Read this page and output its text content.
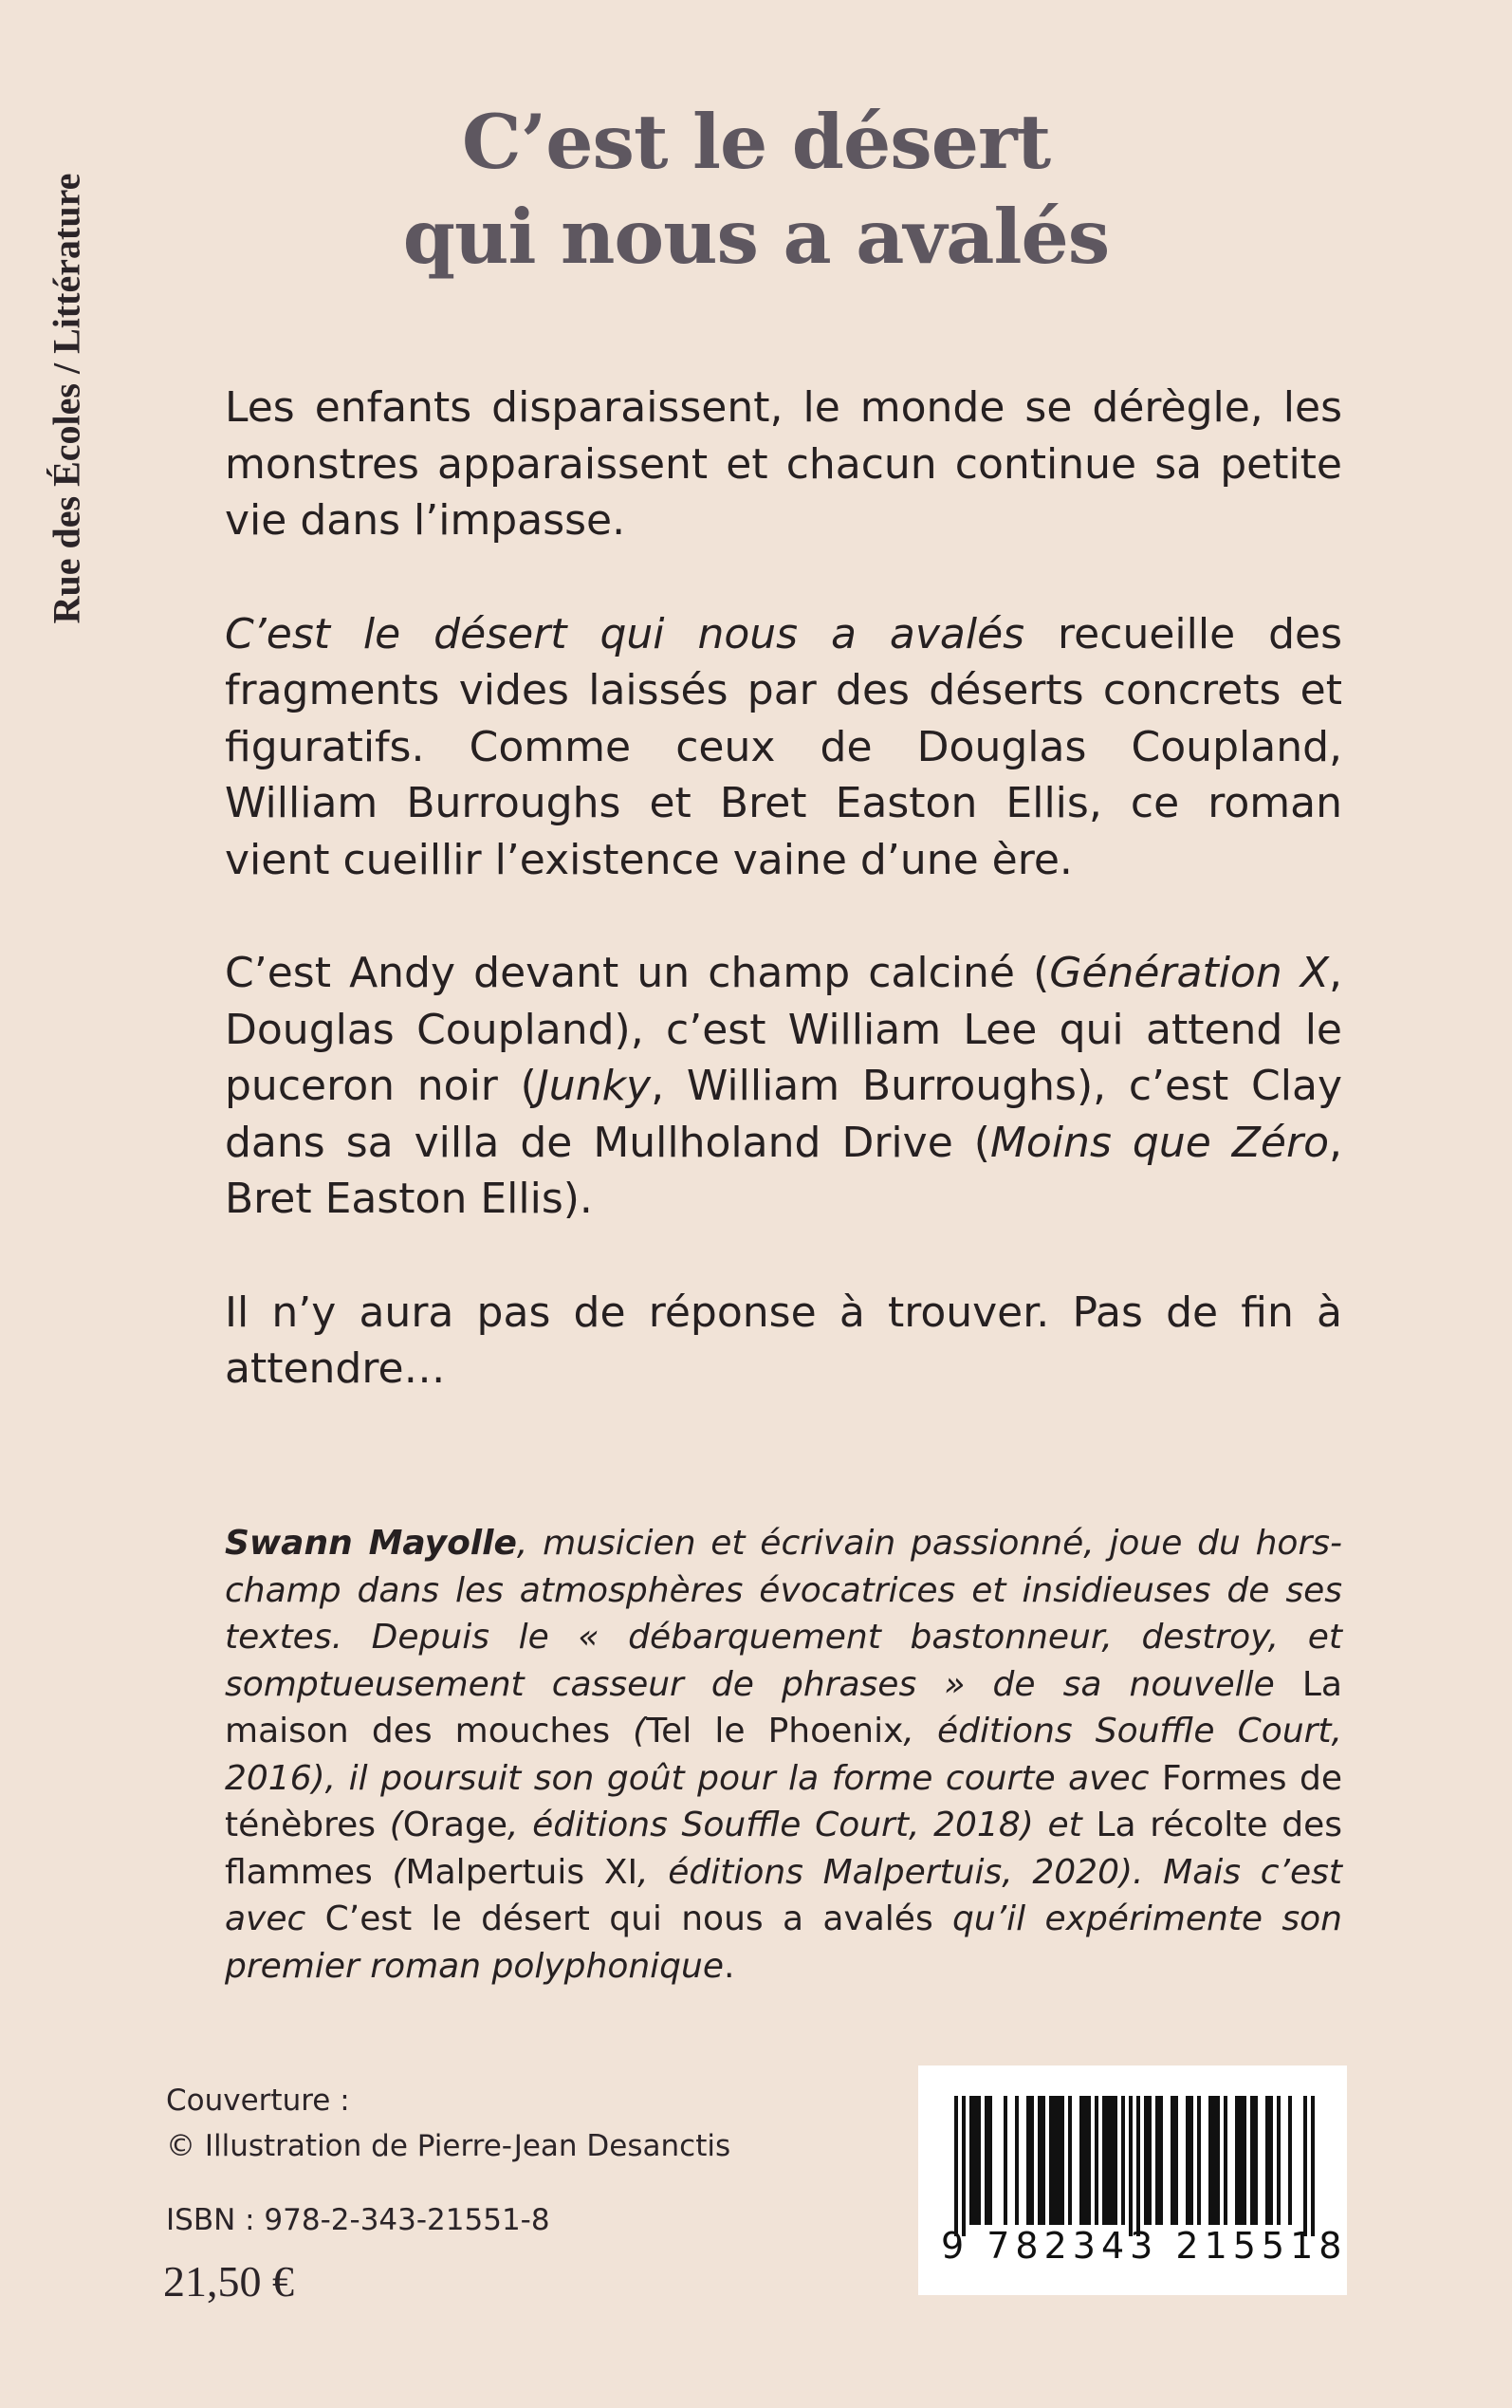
Rue des Écoles / Littérature
C’est le désert
qui nous a avalés

Les enfants disparaissent, le monde se dérègle, les monstres apparaissent et chacun continue sa petite vie dans l’impasse.

C’est le désert qui nous a avalés recueille des fragments vides laissés par des déserts concrets et figuratifs. Comme ceux de Douglas Coupland, William Burroughs et Bret Easton Ellis, ce roman vient cueillir l’existence vaine d’une ère.

C’est Andy devant un champ calciné (Génération X, Douglas Coupland), c’est William Lee qui attend le puceron noir (Junky, William Burroughs), c’est Clay dans sa villa de Mullholand Drive (Moins que Zéro, Bret Easton Ellis).

Il n’y aura pas de réponse à trouver. Pas de fin à attendre…

Swann Mayolle, musicien et écrivain passionné, joue du hors-champ dans les atmosphères évocatrices et insidieuses de ses textes. Depuis le « débarquement bastonneur, destroy, et somptueusement casseur de phrases » de sa nouvelle La maison des mouches (Tel le Phoenix, éditions Souffle Court, 2016), il poursuit son goût pour la forme courte avec Formes de ténèbres (Orage, éditions Souffle Court, 2018) et La récolte des flammes (Malpertuis XI, éditions Malpertuis, 2020). Mais c’est avec C’est le désert qui nous a avalés qu’il expérimente son premier roman polyphonique.

Couverture :
© Illustration de Pierre-Jean Desanctis
ISBN : 978-2-343-21551-8
21,50 €
9 782343 215518
